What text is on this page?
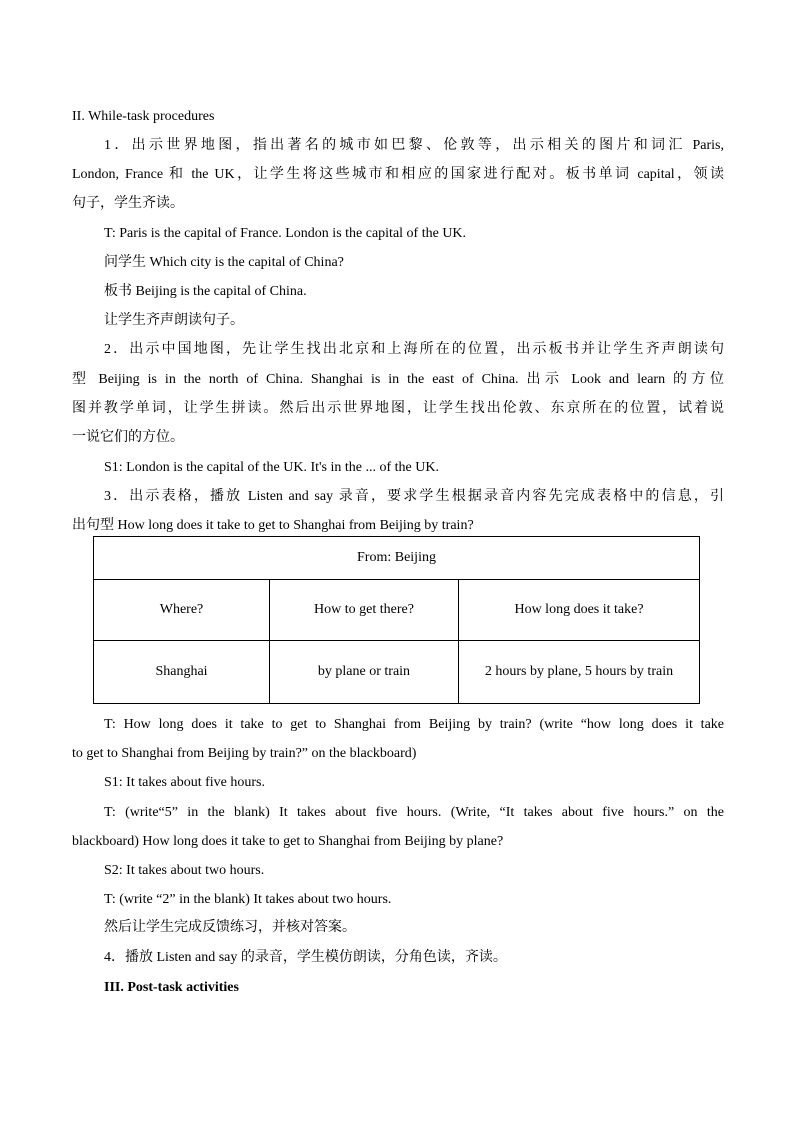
II. While-task procedures
1．出示世界地图，指出著名的城市如巴黎、伦敦等，出示相关的图片和词汇 Paris,
London, France 和 the UK，让学生将这些城市和相应的国家进行配对。板书单词 capital，领读
句子，学生齐读。
T: Paris is the capital of France. London is the capital of the UK.
问学生 Which city is the capital of China?
板书 Beijing is the capital of China.
让学生齐声朗读句子。
2．出示中国地图，先让学生找出北京和上海所在的位置，出示板书并让学生齐声朗读句
型 Beijing is in the north of China. Shanghai is in the east of China. 出示 Look and learn 的方位
图并教学单词，让学生拼读。然后出示世界地图，让学生找出伦敦、东京所在的位置，试着说
一说它们的方位。
S1: London is the capital of the UK. It's in the ... of the UK.
3．出示表格，播放 Listen and say 录音，要求学生根据录音内容先完成表格中的信息，引
出句型 How long does it take to get to Shanghai from Beijing by train?
From: Beijing		
Where?	How to get there?	How long does it take?
Shanghai	by plane or train	2 hours by plane, 5 hours by train
T: How long does it take to get to Shanghai from Beijing by train? (write “how long does it take
to get to Shanghai from Beijing by train?” on the blackboard)
S1: It takes about five hours.
T: (write“5” in the blank) It takes about five hours. (Write, “It takes about five hours.” on the
blackboard) How long does it take to get to Shanghai from Beijing by plane?
S2: It takes about two hours.
T: (write “2” in the blank) It takes about two hours.
然后让学生完成反馈练习，并核对答案。
4．播放 Listen and say 的录音，学生模仿朗读，分角色读，齐读。
III. Post-task activities
